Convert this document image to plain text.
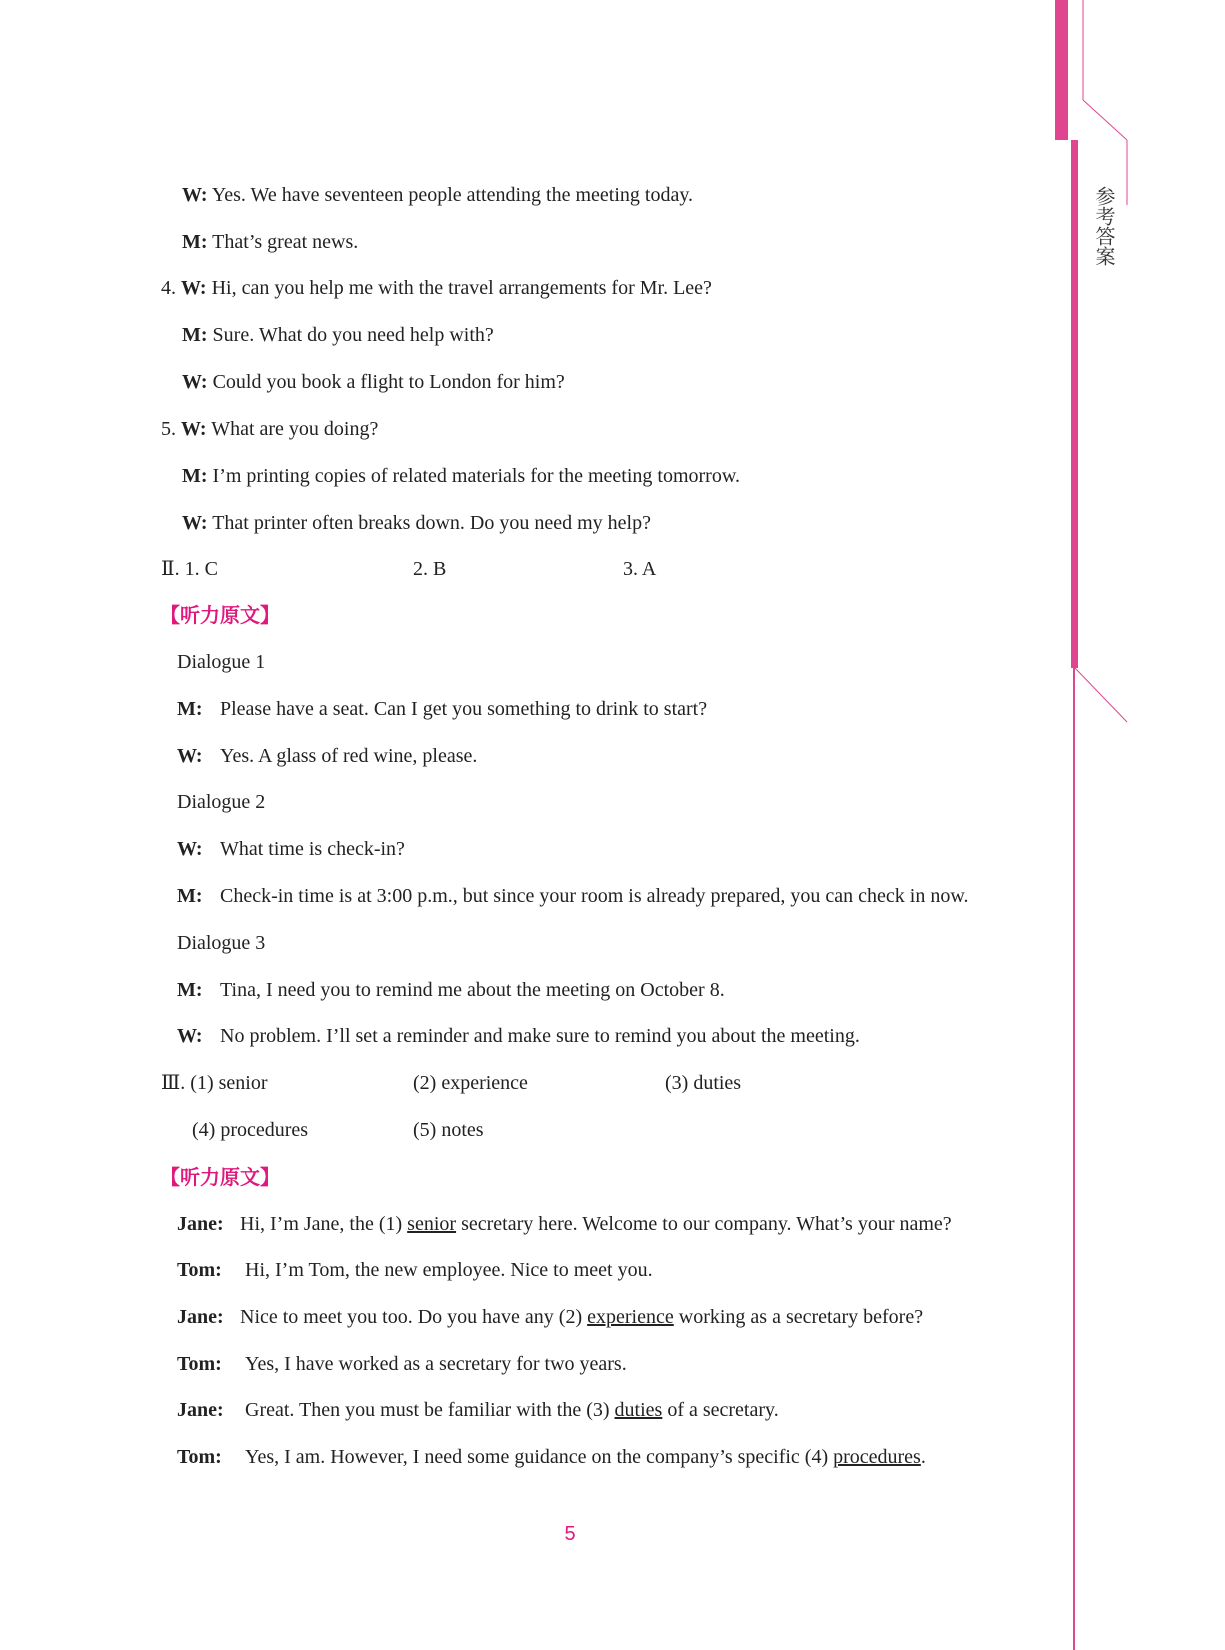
参考答案
W: Yes. We have seventeen people attending the meeting today.
M: That’s great news.
4. W: Hi, can you help me with the travel arrangements for Mr. Lee?
M: Sure. What do you need help with?
W: Could you book a flight to London for him?
5. W: What are you doing?
M: I’m printing copies of related materials for the meeting tomorrow.
W: That printer often breaks down. Do you need my help?
Ⅱ. 1. C	2. B	3. A
【听力原文】
Dialogue 1
M: Please have a seat. Can I get you something to drink to start?
W: Yes. A glass of red wine, please.
Dialogue 2
W: What time is check-in?
M: Check-in time is at 3:00 p.m., but since your room is already prepared, you can check in now.
Dialogue 3
M: Tina, I need you to remind me about the meeting on October 8.
W: No problem. I’ll set a reminder and make sure to remind you about the meeting.
Ⅲ. (1) senior	(2) experience	(3) duties
(4) procedures	(5) notes
【听力原文】
Jane: Hi, I’m Jane, the (1) senior secretary here. Welcome to our company. What’s your name?
Tom: Hi, I’m Tom, the new employee. Nice to meet you.
Jane: Nice to meet you too. Do you have any (2) experience working as a secretary before?
Tom: Yes, I have worked as a secretary for two years.
Jane: Great. Then you must be familiar with the (3) duties of a secretary.
Tom: Yes, I am. However, I need some guidance on the company’s specific (4) procedures.
5
